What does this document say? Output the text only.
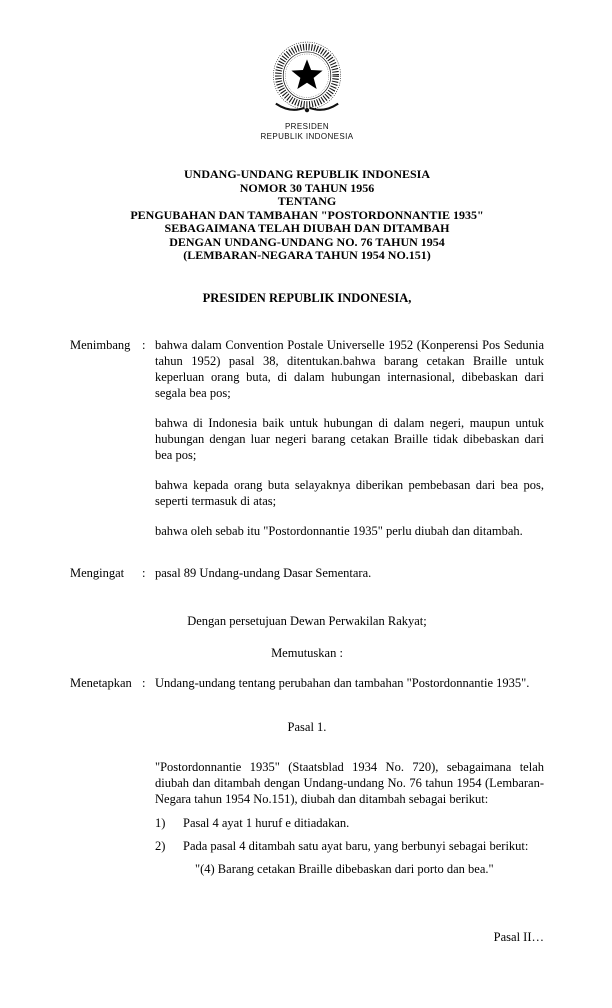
PRESIDEN
REPUBLIK INDONESIA
UNDANG-UNDANG REPUBLIK INDONESIA
NOMOR 30 TAHUN 1956
TENTANG
PENGUBAHAN DAN TAMBAHAN "POSTORDONNANTIE 1935"
SEBAGAIMANA TELAH DIUBAH DAN DITAMBAH
DENGAN UNDANG-UNDANG NO. 76 TAHUN 1954
(LEMBARAN-NEGARA TAHUN 1954 NO.151)
PRESIDEN REPUBLIK INDONESIA,
Menimbang : bahwa dalam Convention Postale Universelle 1952 (Konperensi Pos Sedunia tahun 1952) pasal 38, ditentukan.bahwa barang cetakan Braille untuk keperluan orang buta, di dalam hubungan internasional, dibebaskan dari segala bea pos;

bahwa di Indonesia baik untuk hubungan di dalam negeri, maupun untuk hubungan dengan luar negeri barang cetakan Braille tidak dibebaskan dari bea pos;

bahwa kepada orang buta selayaknya diberikan pembebasan dari bea pos, seperti termasuk di atas;

bahwa oleh sebab itu "Postordonnantie 1935" perlu diubah dan ditambah.

Mengingat	: pasal 89 Undang-undang Dasar Sementara.

Dengan persetujuan Dewan Perwakilan Rakyat;
Memutuskan :
Menetapkan : Undang-undang tentang perubahan dan tambahan "Postordonnantie 1935".

Pasal 1.

"Postordonnantie 1935" (Staatsblad 1934 No. 720), sebagaimana telah diubah dan ditambah dengan Undang-undang No. 76 tahun 1954 (Lembaran-Negara tahun 1954 No.151), diubah dan ditambah sebagai berikut:

1)	Pasal 4 ayat 1 huruf e ditiadakan.
2)	Pada pasal 4 ditambah satu ayat baru, yang berbunyi sebagai berikut:
"(4) Barang cetakan Braille dibebaskan dari porto dan bea."
Pasal II…
